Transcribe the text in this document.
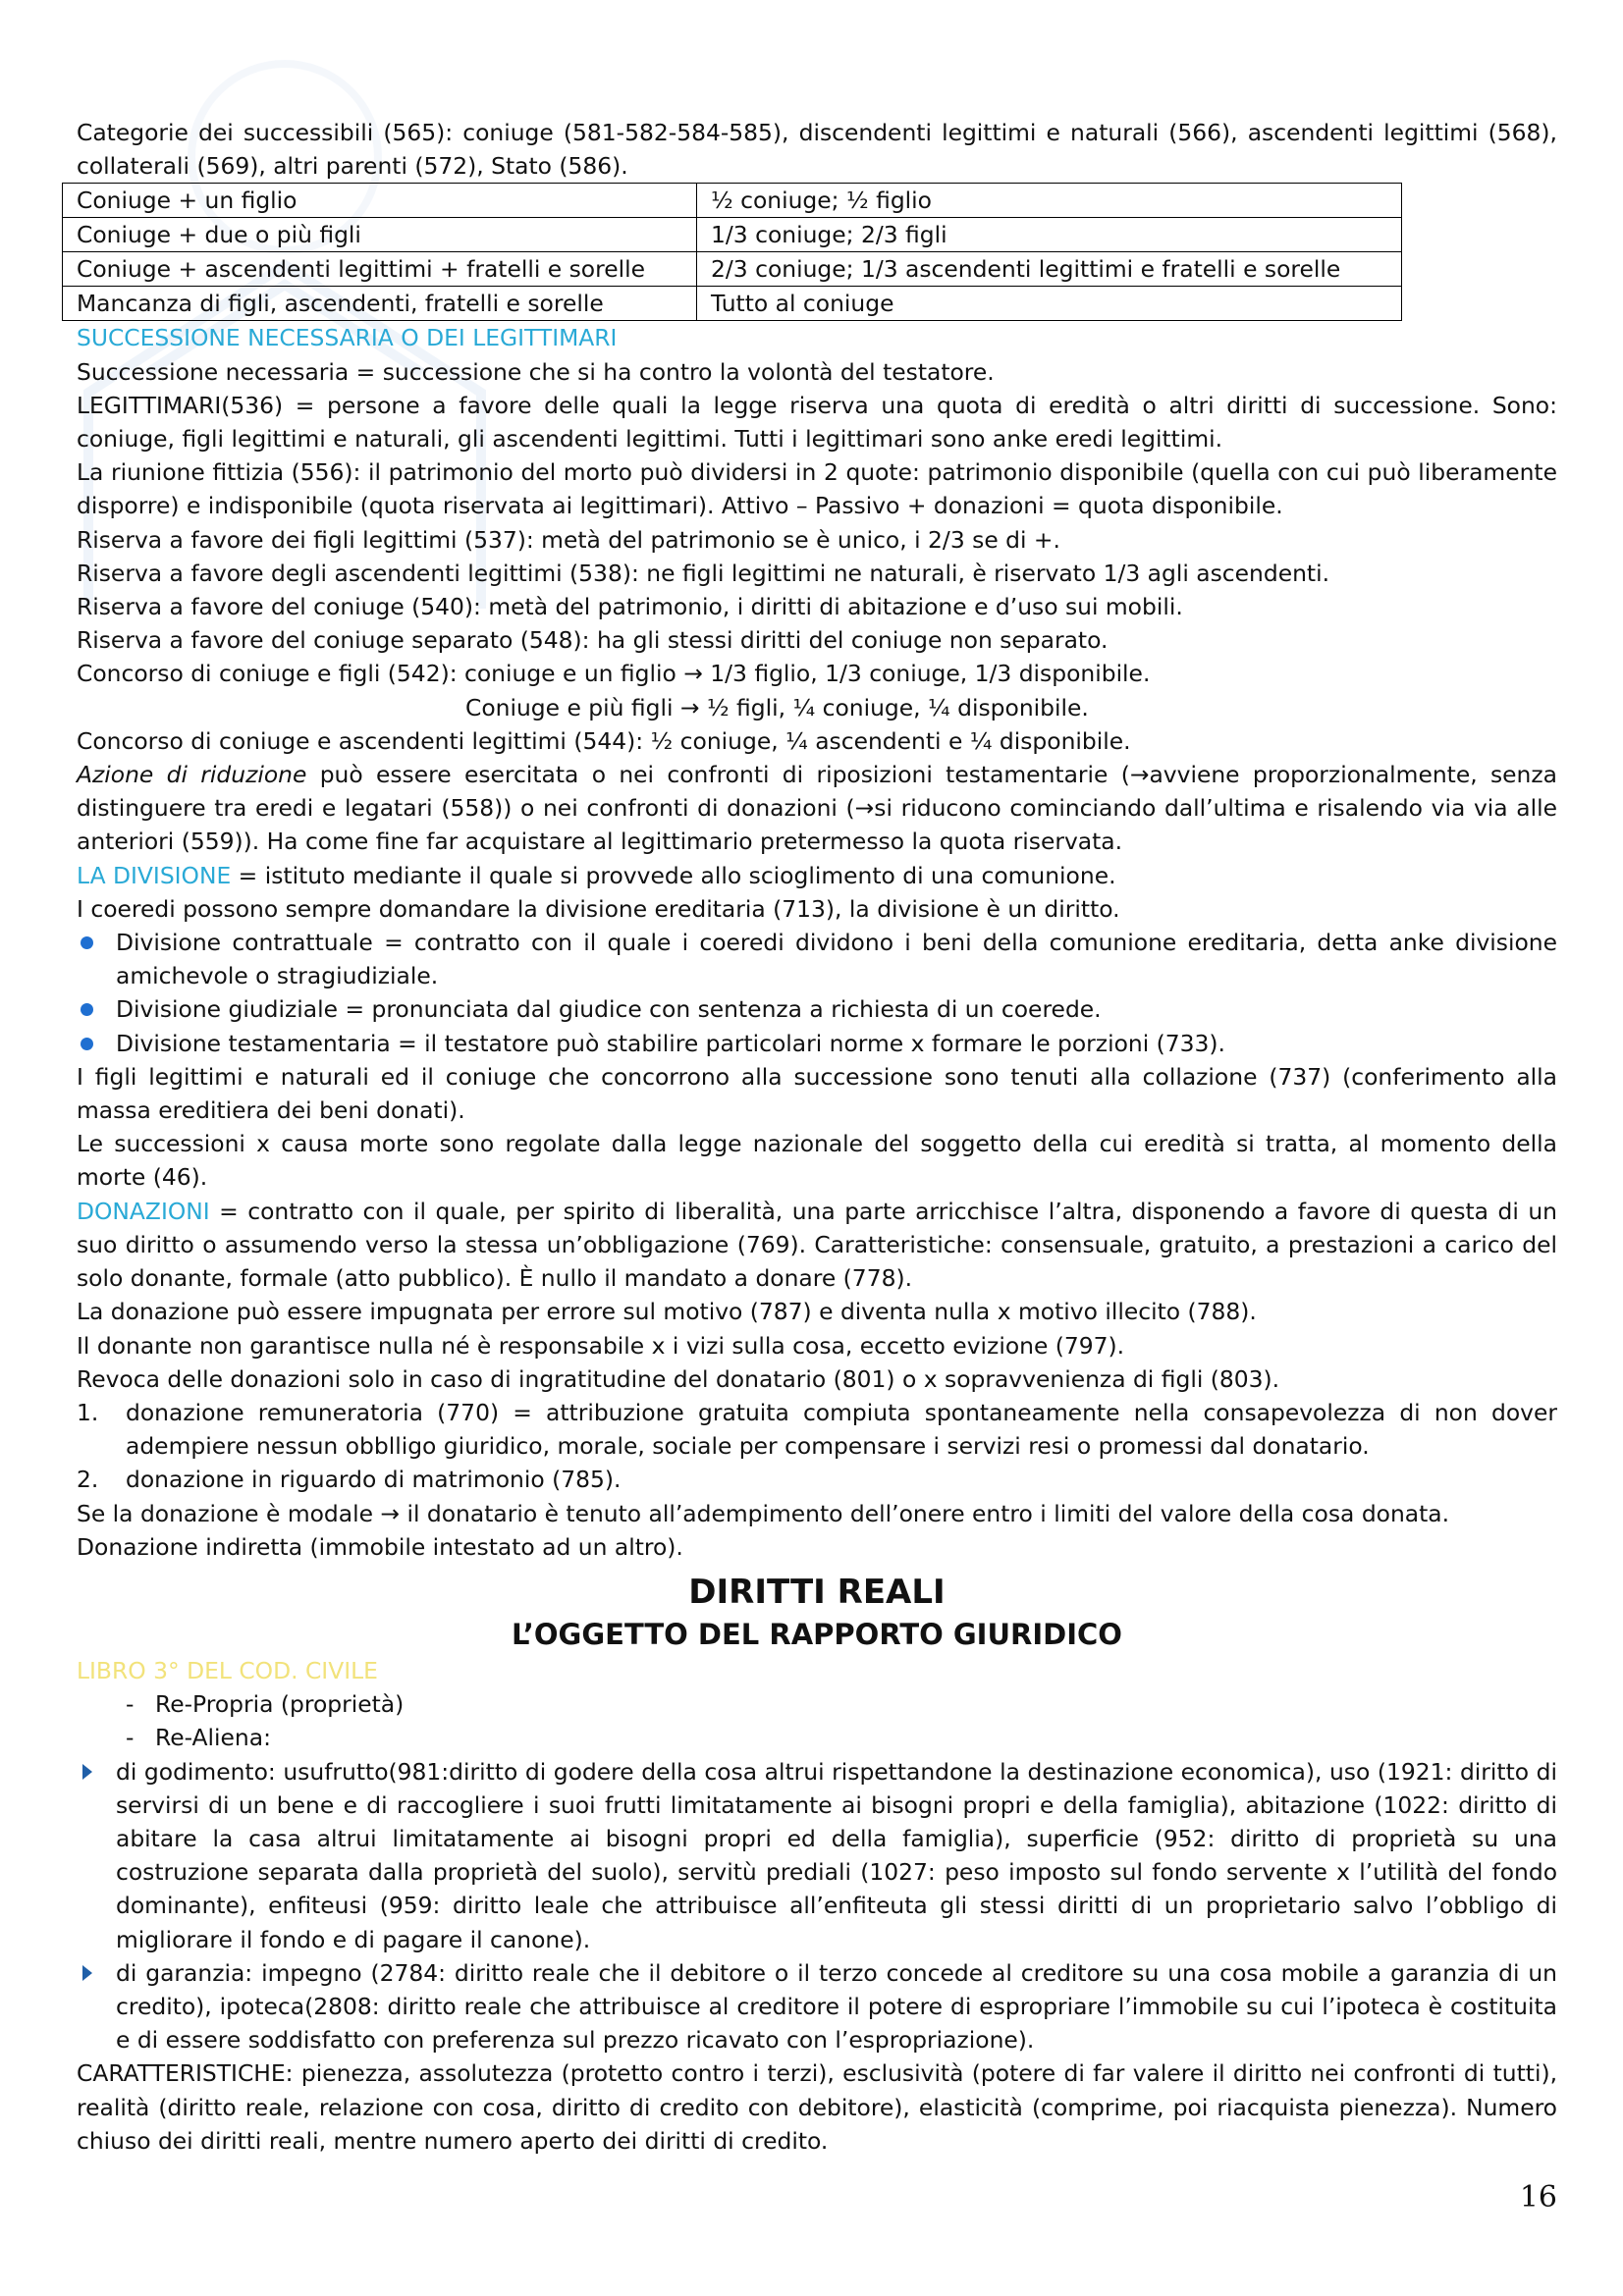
Categorie dei successibili (565): coniuge (581-582-584-585), discendenti legittimi e naturali (566), ascendenti legittimi (568), collaterali (569), altri parenti (572), Stato (586).

Coniuge + un figlio	½ coniuge; ½ figlio
Coniuge + due o più figli	1/3 coniuge; 2/3 figli
Coniuge + ascendenti legittimi + fratelli e sorelle	2/3 coniuge; 1/3 ascendenti legittimi e fratelli e sorelle
Mancanza di figli, ascendenti, fratelli e sorelle	Tutto al coniuge

SUCCESSIONE NECESSARIA O DEI LEGITTIMARI

Successione necessaria = successione che si ha contro la volontà del testatore.

LEGITTIMARI(536) = persone a favore delle quali la legge riserva una quota di eredità o altri diritti di successione. Sono: coniuge, figli legittimi e naturali, gli ascendenti legittimi. Tutti i legittimari sono anke eredi legittimi.

La riunione fittizia (556): il patrimonio del morto può dividersi in 2 quote: patrimonio disponibile (quella con cui può liberamente disporre) e indisponibile (quota riservata ai legittimari). Attivo – Passivo + donazioni = quota disponibile.

Riserva a favore dei figli legittimi (537): metà del patrimonio se è unico, i 2/3 se di +.

Riserva a favore degli ascendenti legittimi (538): ne figli legittimi ne naturali, è riservato 1/3 agli ascendenti.

Riserva a favore del coniuge (540): metà del patrimonio, i diritti di abitazione e d’uso sui mobili.

Riserva a favore del coniuge separato (548): ha gli stessi diritti del coniuge non separato.

Concorso di coniuge e figli (542): coniuge e un figlio → 1/3 figlio, 1/3 coniuge, 1/3 disponibile.

Coniuge e più figli → ½ figli, ¼ coniuge, ¼ disponibile.

Concorso di coniuge e ascendenti legittimi (544): ½ coniuge, ¼ ascendenti e ¼ disponibile.

Azione di riduzione può essere esercitata o nei confronti di riposizioni testamentarie (→avviene proporzionalmente, senza distinguere tra eredi e legatari (558)) o nei confronti di donazioni (→si riducono cominciando dall’ultima e risalendo via via alle anteriori (559)). Ha come fine far acquistare al legittimario pretermesso la quota riservata.

LA DIVISIONE = istituto mediante il quale si provvede allo scioglimento di una comunione.

I coeredi possono sempre domandare la divisione ereditaria (713), la divisione è un diritto.

Divisione contrattuale = contratto con il quale i coeredi dividono i beni della comunione ereditaria, detta anke divisione amichevole o stragiudiziale.
Divisione giudiziale = pronunciata dal giudice con sentenza a richiesta di un coerede.
Divisione testamentaria = il testatore può stabilire particolari norme x formare le porzioni (733).

I figli legittimi e naturali ed il coniuge che concorrono alla successione sono tenuti alla collazione (737) (conferimento alla massa ereditiera dei beni donati).

Le successioni x causa morte sono regolate dalla legge nazionale del soggetto della cui eredità si tratta, al momento della morte (46).

DONAZIONI = contratto con il quale, per spirito di liberalità, una parte arricchisce l’altra, disponendo a favore di questa di un suo diritto o assumendo verso la stessa un’obbligazione (769). Caratteristiche: consensuale, gratuito, a prestazioni a carico del solo donante, formale (atto pubblico). È nullo il mandato a donare (778).

La donazione può essere impugnata per errore sul motivo (787) e diventa nulla x motivo illecito (788).

Il donante non garantisce nulla né è responsabile x i vizi sulla cosa, eccetto evizione (797).

Revoca delle donazioni solo in caso di ingratitudine del donatario (801) o x sopravvenienza di figli (803).

1. donazione remuneratoria (770) = attribuzione gratuita compiuta spontaneamente nella consapevolezza di non dover adempiere nessun obblligo giuridico, morale, sociale per compensare i servizi resi o promessi dal donatario.
2. donazione in riguardo di matrimonio (785).

Se la donazione è modale → il donatario è tenuto all’adempimento dell’onere entro i limiti del valore della cosa donata.

Donazione indiretta (immobile intestato ad un altro).

DIRITTI REALI
L’OGGETTO DEL RAPPORTO GIURIDICO

LIBRO 3° DEL COD. CIVILE

- Re-Propria (proprietà)
- Re-Aliena:
di godimento: usufrutto(981:diritto di godere della cosa altrui rispettandone la destinazione economica), uso (1921: diritto di servirsi di un bene e di raccogliere i suoi frutti limitatamente ai bisogni propri e della famiglia), abitazione (1022: diritto di abitare la casa altrui limitatamente ai bisogni propri ed della famiglia), superficie (952: diritto di proprietà su una costruzione separata dalla proprietà del suolo), servitù prediali (1027: peso imposto sul fondo servente x l’utilità del fondo dominante), enfiteusi (959: diritto leale che attribuisce all’enfiteuta gli stessi diritti di un proprietario salvo l’obbligo di migliorare il fondo e di pagare il canone).
di garanzia: impegno (2784: diritto reale che il debitore o il terzo concede al creditore su una cosa mobile a garanzia di un credito), ipoteca(2808: diritto reale che attribuisce al creditore il potere di espropriare l’immobile su cui l’ipoteca è costituita e di essere soddisfatto con preferenza sul prezzo ricavato con l’espropriazione).

CARATTERISTICHE: pienezza, assolutezza (protetto contro i terzi), esclusività (potere di far valere il diritto nei confronti di tutti), realità (diritto reale, relazione con cosa, diritto di credito con debitore), elasticità (comprime, poi riacquista pienezza). Numero chiuso dei diritti reali, mentre numero aperto dei diritti di credito.

16
